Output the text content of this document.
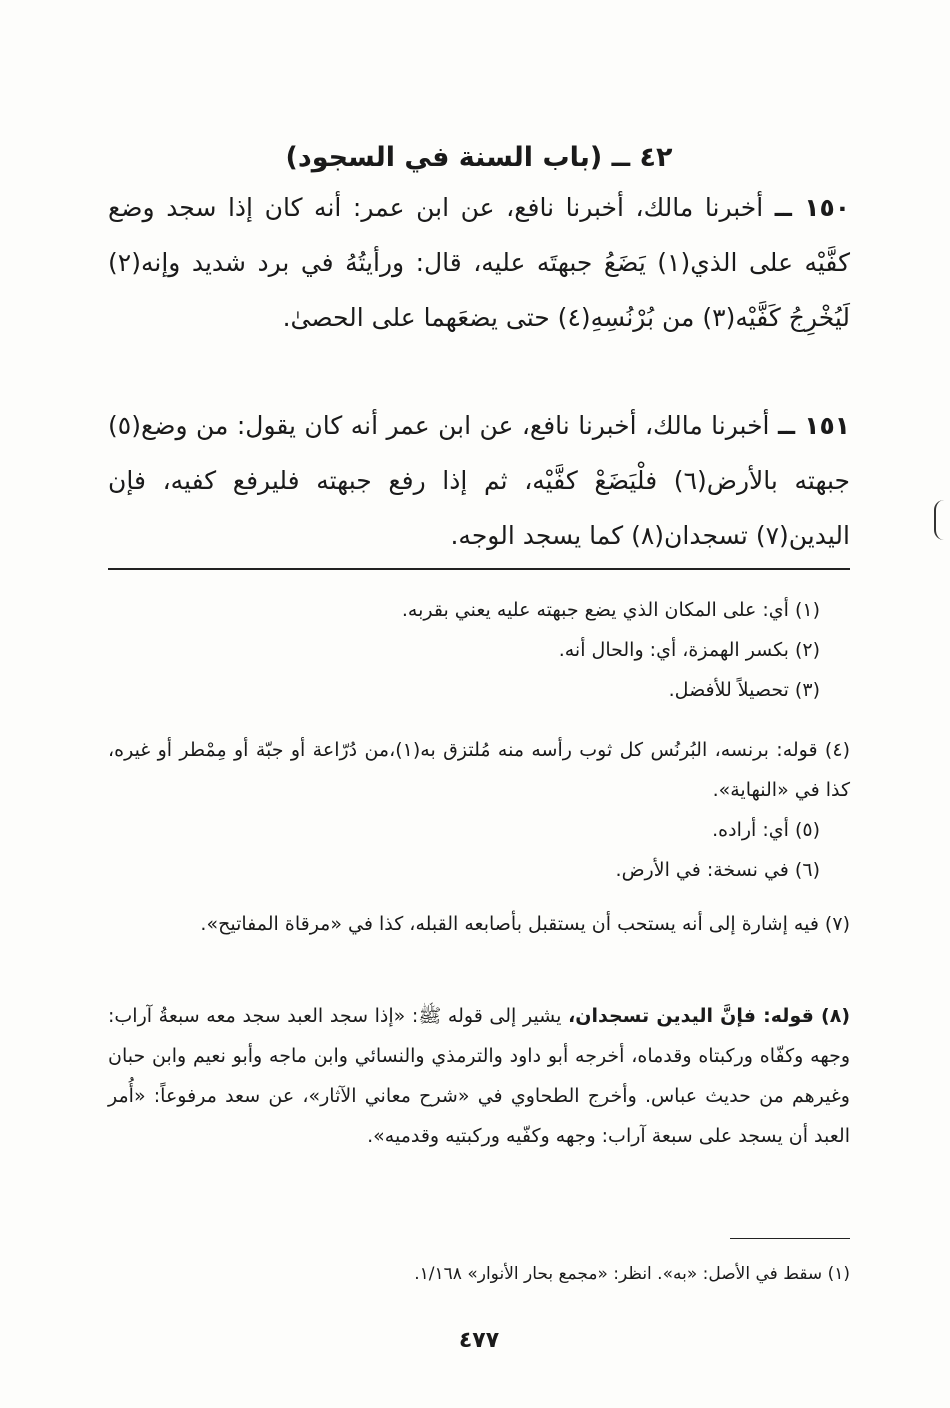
٤٢ ــ (باب السنة في السجود)
١٥٠ ــ أخبرنا مالك، أخبرنا نافع، عن ابن عمر: أنه كان إذا سجد وضع كفَّيْه على الذي(١) يَضَعُ جبهتَه عليه، قال: ورأيتُهُ في برد شديد وإنه(٢) لَيُخْرِجُ كَفَّيْه(٣) من بُرْنُسِهِ(٤) حتى يضعَهما على الحصىٰ.
١٥١ ــ أخبرنا مالك، أخبرنا نافع، عن ابن عمر أنه كان يقول: من وضع(٥) جبهته بالأرض(٦) فلْيَضَعْ كفَّيْه، ثم إذا رفع جبهته فليرفع كفيه، فإن اليدين(٧) تسجدان(٨) كما يسجد الوجه.

(١) أي: على المكان الذي يضع جبهته عليه يعني بقربه.

(٢) بكسر الهمزة، أي: والحال أنه.

(٣) تحصيلاً للأفضل.

(٤) قوله: برنسه، البُرنُس كل ثوب رأسه منه مُلتزق به(١)،من دُرّاعة أو جبّة أو مِمْطر أو غيره، كذا في «النهاية».

(٥) أي: أراده.

(٦) في نسخة: في الأرض.

(٧) فيه إشارة إلى أنه يستحب أن يستقبل بأصابعه القبله، كذا في «مرقاة المفاتيح».

(٨) قوله: فإنَّ اليدين تسجدان، يشير إلى قوله ﷺ: «إذا سجد العبد سجد معه سبعةُ آراب: وجهه وكفّاه وركبتاه وقدماه، أخرجه أبو داود والترمذي والنسائي وابن ماجه وأبو نعيم وابن حبان وغيرهم من حديث عباس. وأخرج الطحاوي في «شرح معاني الآثار»، عن سعد مرفوعاً: «أُمر العبد أن يسجد على سبعة آراب: وجهه وكفّيه وركبتيه وقدميه».

(١) سقط في الأصل: «به». انظر: «مجمع بحار الأنوار» ١/١٦٨.
٤٧٧
